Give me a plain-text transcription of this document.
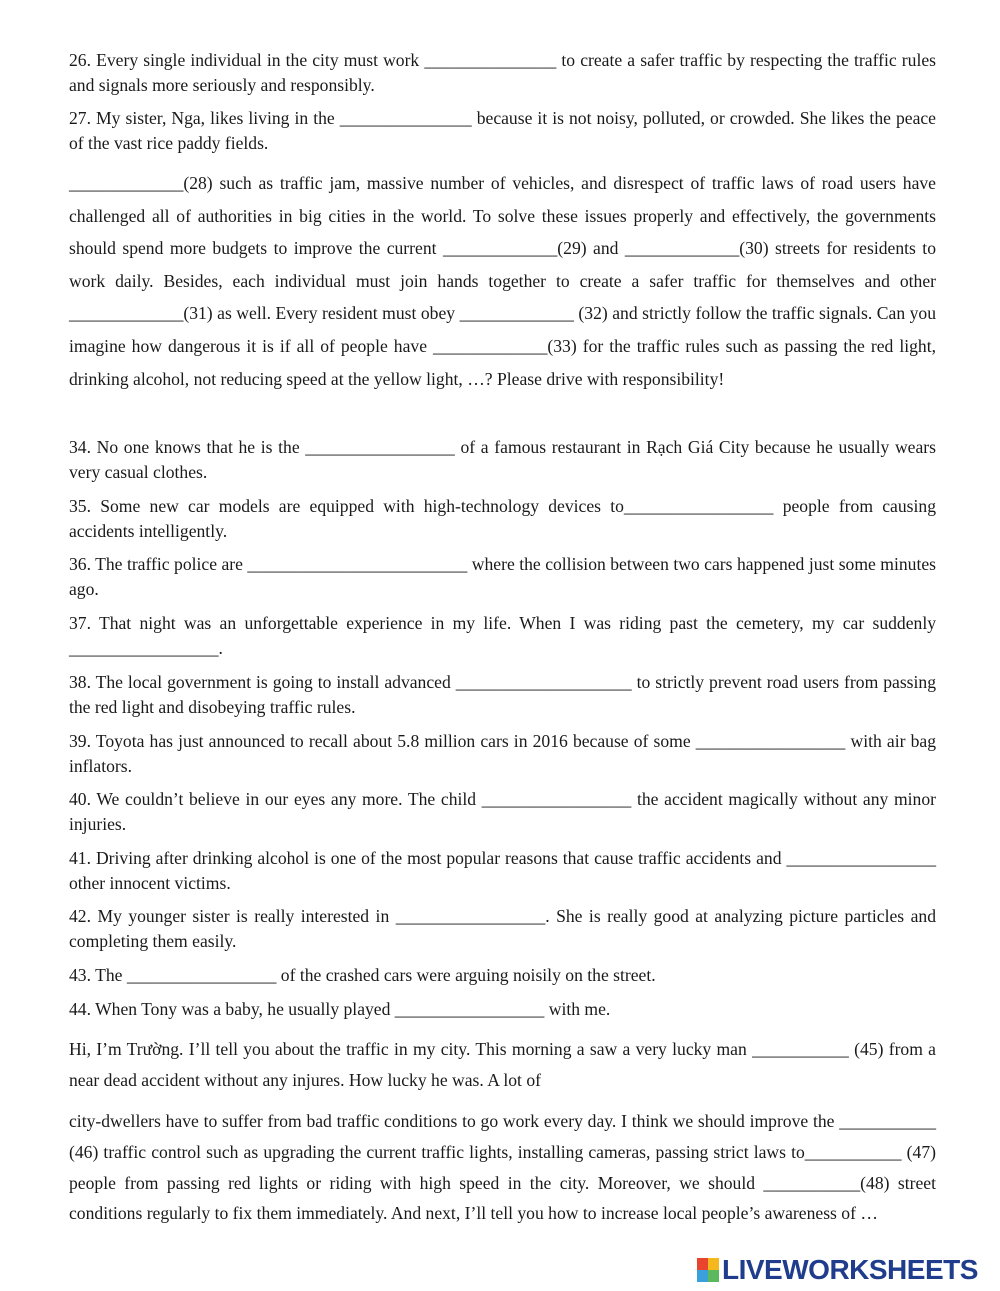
26. Every single individual in the city must work _______________ to create a safer traffic by respecting the traffic rules and signals more seriously and responsibly.

27. My sister, Nga, likes living in the _______________ because it is not noisy, polluted, or crowded. She likes the peace of the vast rice paddy fields.

_____________(28) such as traffic jam, massive number of vehicles, and disrespect of traffic laws of road users have challenged all of authorities in big cities in the world. To solve these issues properly and effectively, the governments should spend more budgets to improve the current _____________(29) and _____________(30) streets for residents to work daily. Besides, each individual must join hands together to create a safer traffic for themselves and other _____________(31) as well. Every resident must obey _____________ (32) and strictly follow the traffic signals. Can you imagine how dangerous it is if all of people have _____________(33) for the traffic rules such as passing the red light, drinking alcohol, not reducing speed at the yellow light, …? Please drive with responsibility!

34. No one knows that he is the _________________ of a famous restaurant in Rạch Giá City because he usually wears very casual clothes.

35. Some new car models are equipped with high-technology devices to_________________ people from causing accidents intelligently.

36. The traffic police are _________________________ where the collision between two cars happened just some minutes ago.

37. That night was an unforgettable experience in my life. When I was riding past the cemetery, my car suddenly _________________.

38. The local government is going to install advanced ____________________ to strictly prevent road users from passing the red light and disobeying traffic rules.

39. Toyota has just announced to recall about 5.8 million cars in 2016 because of some _________________ with air bag inflators.

40. We couldn’t believe in our eyes any more. The child _________________ the accident magically without any minor injuries.

41. Driving after drinking alcohol is one of the most popular reasons that cause traffic accidents and _________________ other innocent victims.

42. My younger sister is really interested in _________________. She is really good at analyzing picture particles and completing them easily.

43. The _________________ of the crashed cars were arguing noisily on the street.

44. When Tony was a baby, he usually played _________________ with me.

Hi, I’m Trường. I’ll tell you about the traffic in my city. This morning a saw a very lucky man ___________ (45) from a near dead accident without any injures. How lucky he was. A lot of

city-dwellers have to suffer from bad traffic conditions to go work every day. I think we should improve the ___________ (46) traffic control such as upgrading the current traffic lights, installing cameras, passing strict laws to___________ (47) people from passing red lights or riding with high speed in the city. Moreover, we should ___________(48) street conditions regularly to fix them immediately. And next, I’ll tell you how to increase local people’s awareness of …

LIVEWORKSHEETS
